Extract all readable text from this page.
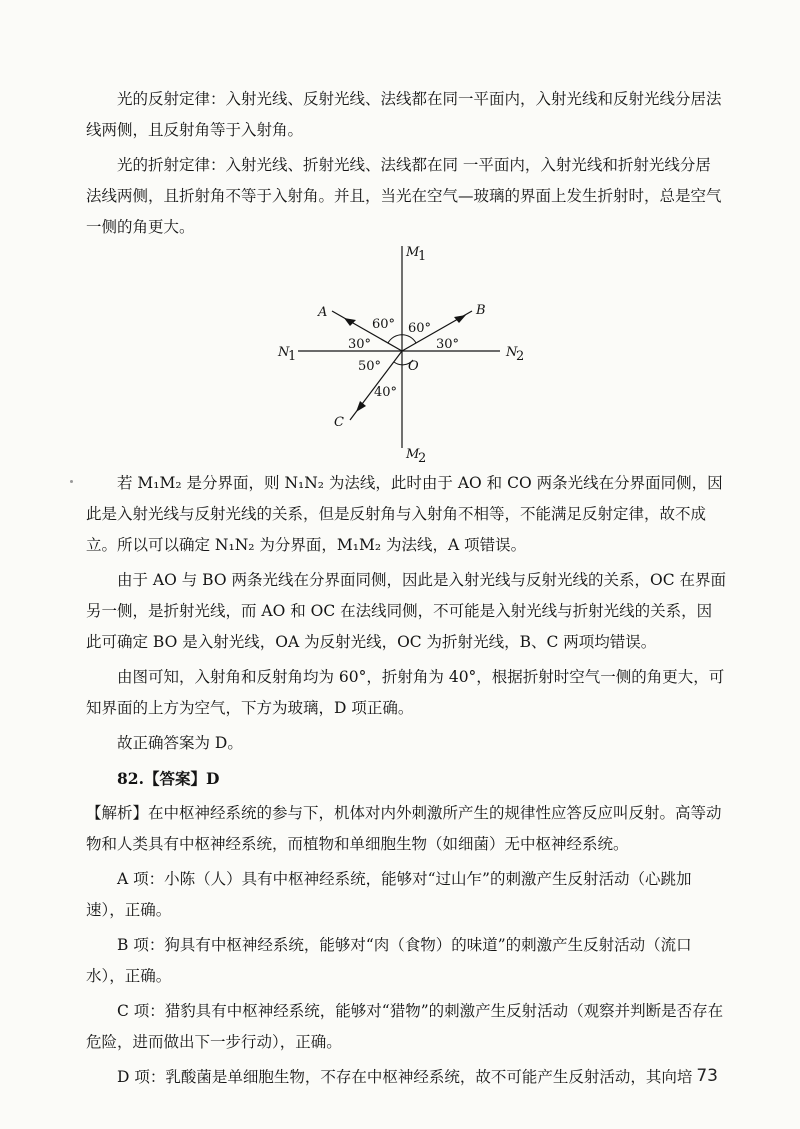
光的反射定律：入射光线、反射光线、法线都在同一平面内，入射光线和反射光线分居法线两侧，且反射角等于入射角。

光的折射定律：入射光线、折射光线、法线都在同 一平面内，入射光线和折射光线分居法线两侧，且折射角不等于入射角。并且，当光在空气—玻璃的界面上发生折射时，总是空气一侧的角更大。

M
1
M
2
N
1	N
2
A	B
C
O
60° 60°
30°	30°
50°
40°

若 M₁M₂ 是分界面，则 N₁N₂ 为法线，此时由于 AO 和 CO 两条光线在分界面同侧，因此是入射光线与反射光线的关系，但是反射角与入射角不相等，不能满足反射定律，故不成立。所以可以确定 N₁N₂ 为分界面，M₁M₂ 为法线，A 项错误。

由于 AO 与 BO 两条光线在分界面同侧，因此是入射光线与反射光线的关系，OC 在界面另一侧，是折射光线，而 AO 和 OC 在法线同侧，不可能是入射光线与折射光线的关系，因此可确定 BO 是入射光线，OA 为反射光线，OC 为折射光线，B、C 两项均错误。

由图可知，入射角和反射角均为 60°，折射角为 40°，根据折射时空气一侧的角更大，可知界面的上方为空气，下方为玻璃，D 项正确。

故正确答案为 D。

82.【答案】D

【解析】在中枢神经系统的参与下，机体对内外刺激所产生的规律性应答反应叫反射。高等动物和人类具有中枢神经系统，而植物和单细胞生物（如细菌）无中枢神经系统。

A 项：小陈（人）具有中枢神经系统，能够对“过山乍”的刺激产生反射活动（心跳加速），正确。

B 项：狗具有中枢神经系统，能够对“肉（食物）的味道”的刺激产生反射活动（流口水），正确。

C 项：猎豹具有中枢神经系统，能够对“猎物”的刺激产生反射活动（观察并判断是否存在危险，进而做出下一步行动），正确。

D 项：乳酸菌是单细胞生物，不存在中枢神经系统，故不可能产生反射活动，其向培 73
